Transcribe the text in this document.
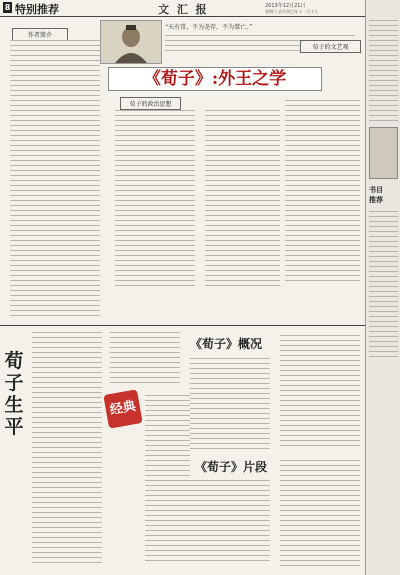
8 特别推荐	文 汇 报	2013年12月21日
星期六 农历癸巳年十一月十九
“天有常，不为尧存，不为桀亡。”
《荀子》:外王之学
作者简介
荀子的政治思想
荀子的文艺观
荀
子
生
平
经典
《荀子》概况
《荀子》片段
书目
推荐
